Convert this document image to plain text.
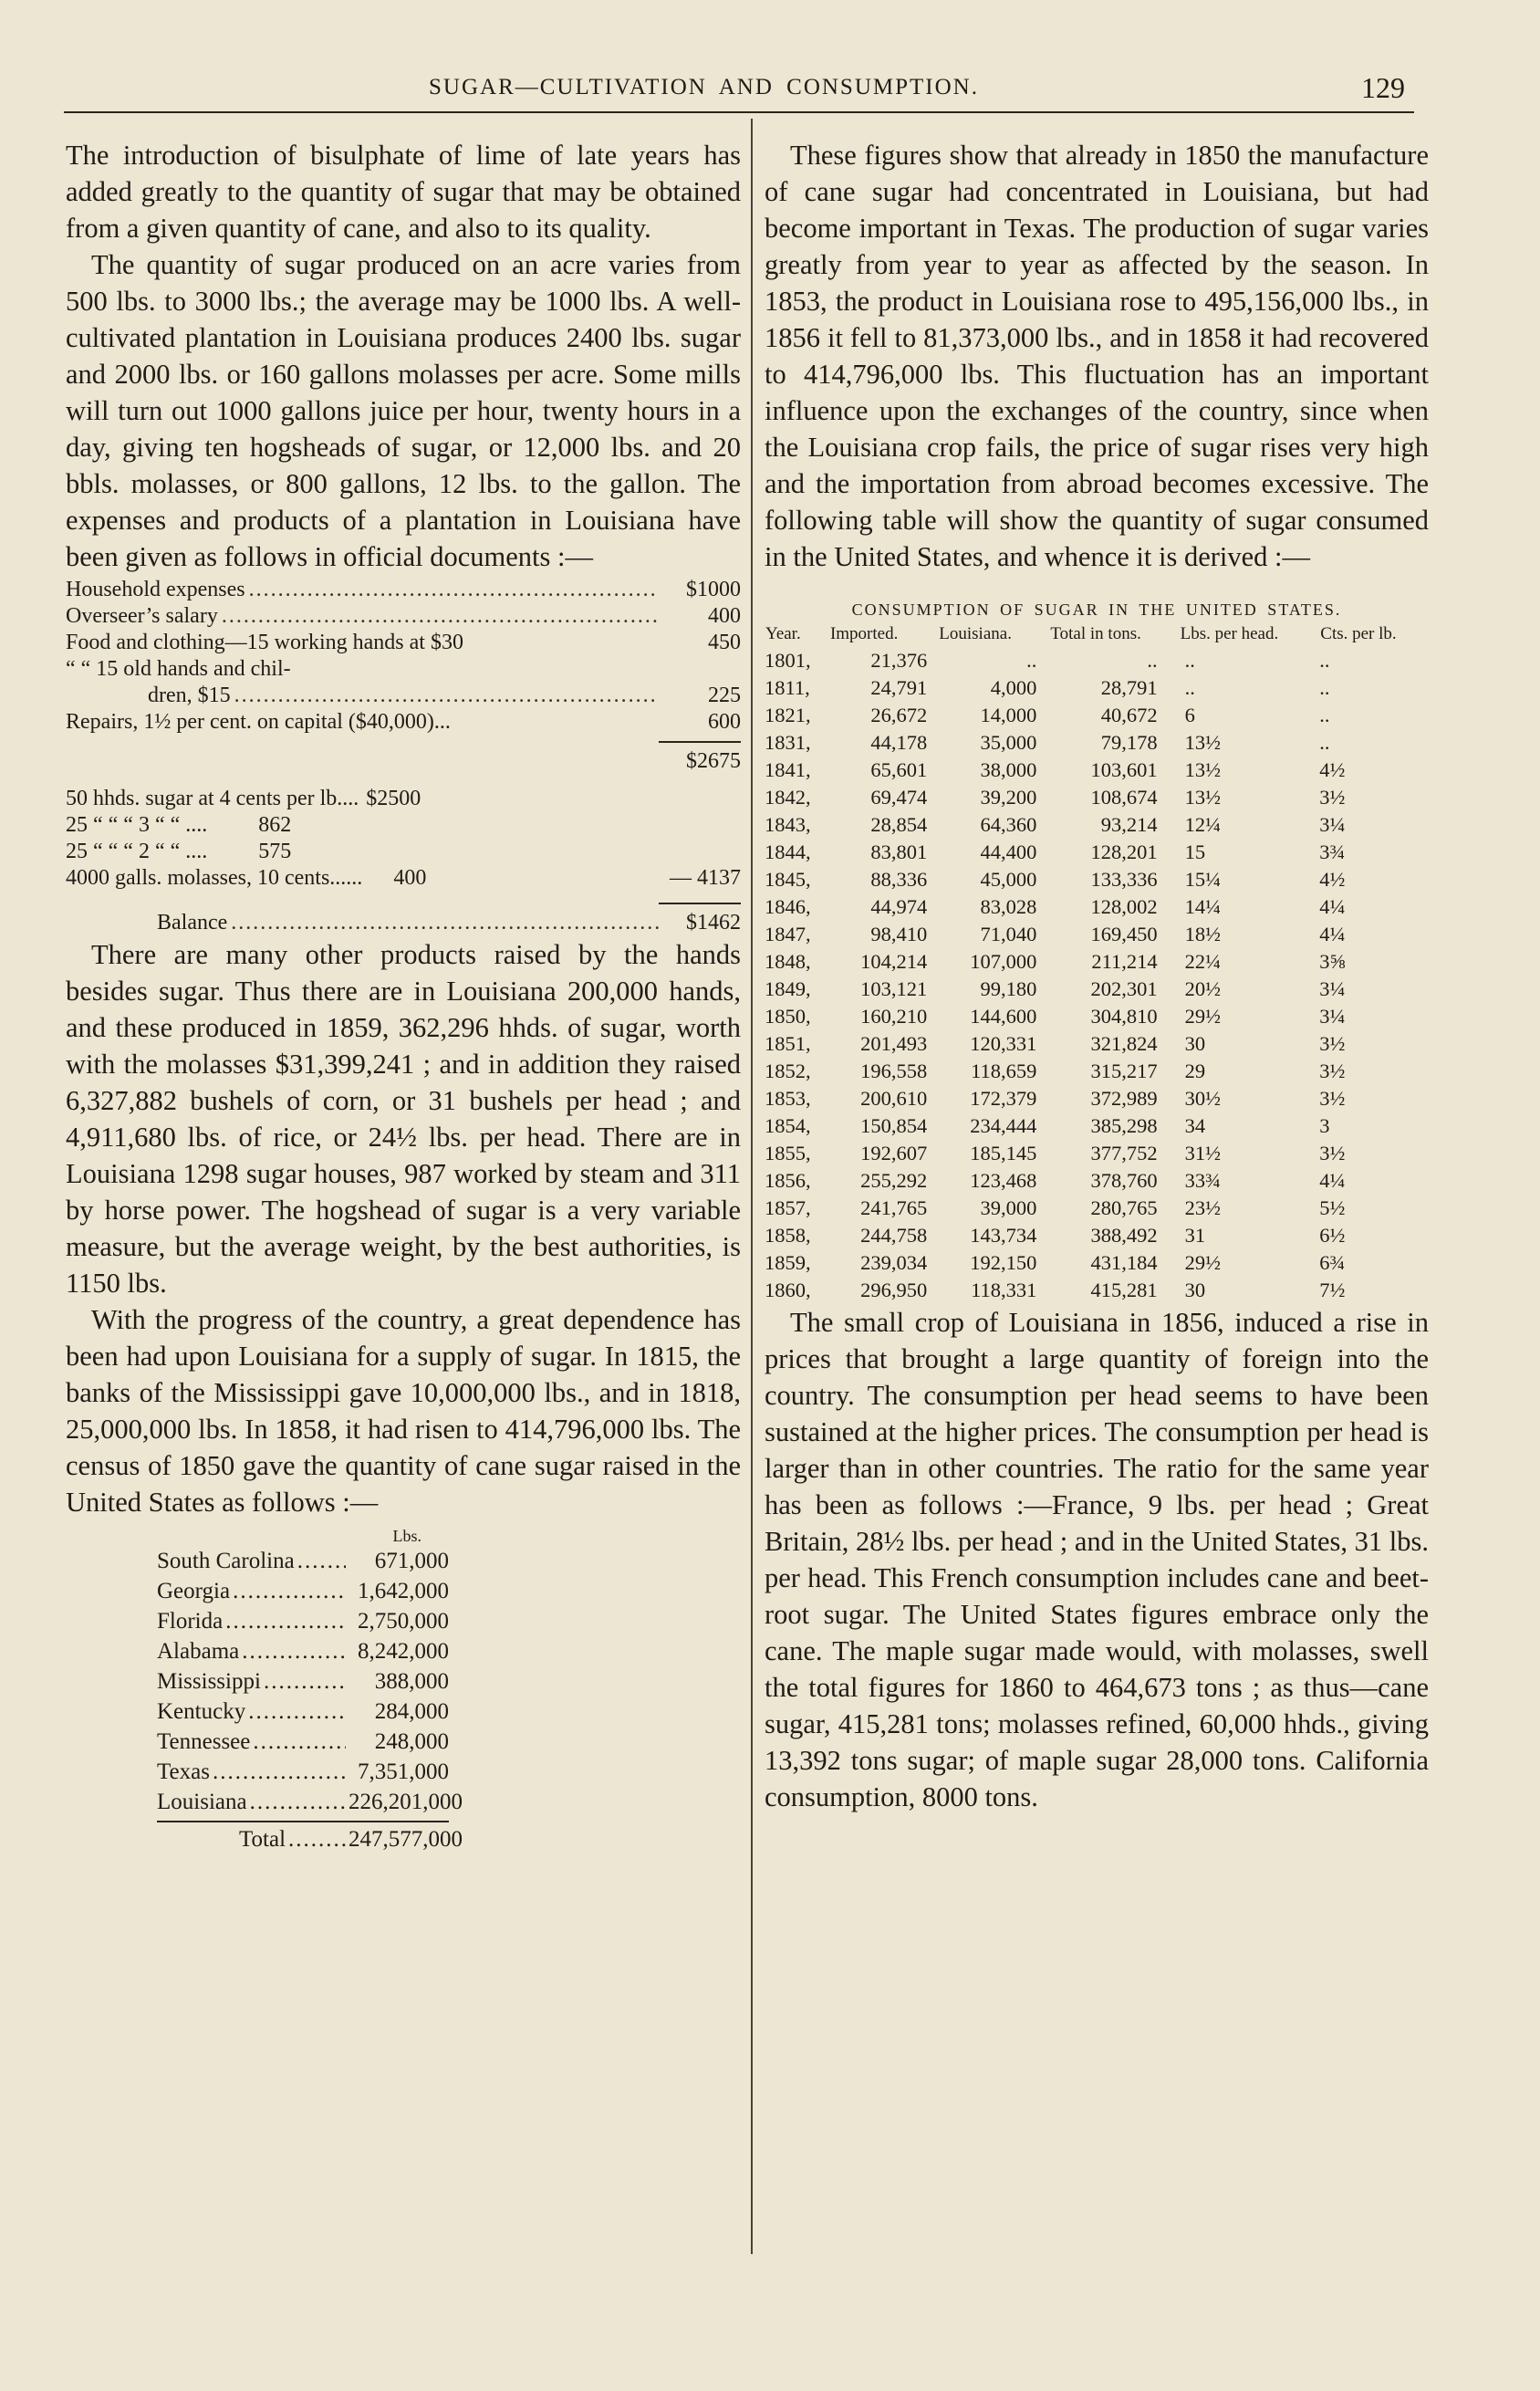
SUGAR—CULTIVATION AND CONSUMPTION.	129

The introduction of bisulphate of lime of late years has added greatly to the quantity of sugar that may be obtained from a given quantity of cane, and also to its quality.

The quantity of sugar produced on an acre varies from 500 lbs. to 3000 lbs.; the average may be 1000 lbs. A well-cultivated plantation in Louisiana produces 2400 lbs. sugar and 2000 lbs. or 160 gallons molasses per acre. Some mills will turn out 1000 gallons juice per hour, twenty hours in a day, giving ten hogsheads of sugar, or 12,000 lbs. and 20 bbls. molasses, or 800 gallons, 12 lbs. to the gallon. The expenses and products of a plantation in Louisiana have been given as follows in official documents :—

Household expenses .....	$1000
Overseer’s salary .....	400
Food and clothing—15 working hands at $30	450
“ “ 15 old hands and chil-
dren, $15 .....	225
Repairs, 1½ per cent. on capital ($40,000)...	600
$2675
50 hhds. sugar at 4 cents per lb.... $2500
25 “ “ “ 3 “ “ .... 862
25 “ “ “ 2 “ “ .... 575
4000 galls. molasses, 10 cents...... 400	— 4137
Balance .....	$1462

There are many other products raised by the hands besides sugar. Thus there are in Louisiana 200,000 hands, and these produced in 1859, 362,296 hhds. of sugar, worth with the molasses $31,399,241 ; and in addition they raised 6,327,882 bushels of corn, or 31 bushels per head ; and 4,911,680 lbs. of rice, or 24½ lbs. per head. There are in Louisiana 1298 sugar houses, 987 worked by steam and 311 by horse power. The hogshead of sugar is a very variable measure, but the average weight, by the best authorities, is 1150 lbs.

With the progress of the country, a great dependence has been had upon Louisiana for a supply of sugar. In 1815, the banks of the Mississippi gave 10,000,000 lbs., and in 1818, 25,000,000 lbs. In 1858, it had risen to 414,796,000 lbs. The census of 1850 gave the quantity of cane sugar raised in the United States as follows :—

Lbs.
South Carolina .....	671,000
Georgia .....	1,642,000
Florida .....	2,750,000
Alabama .....	8,242,000
Mississippi .....	388,000
Kentucky .....	284,000
Tennessee .....	248,000
Texas .....	7,351,000
Louisiana .....	226,201,000
Total .....	247,577,000

These figures show that already in 1850 the manufacture of cane sugar had concentrated in Louisiana, but had become important in Texas. The production of sugar varies greatly from year to year as affected by the season. In 1853, the product in Louisiana rose to 495,156,000 lbs., in 1856 it fell to 81,373,000 lbs., and in 1858 it had recovered to 414,796,000 lbs. This fluctuation has an important influence upon the exchanges of the country, since when the Louisiana crop fails, the price of sugar rises very high and the importation from abroad becomes excessive. The following table will show the quantity of sugar consumed in the United States, and whence it is derived :—

CONSUMPTION OF SUGAR IN THE UNITED STATES.
Year.	Imported.	Louisiana.	Total in tons.	Lbs. per head.	Cts. per lb.
1801,	21,376	..	..	..	..
1811,	24,791	4,000	28,791	..	..
1821,	26,672	14,000	40,672	6	..
1831,	44,178	35,000	79,178	13½	..
1841,	65,601	38,000	103,601	13½	4½
1842,	69,474	39,200	108,674	13½	3½
1843,	28,854	64,360	93,214	12¼	3¼
1844,	83,801	44,400	128,201	15	3¾
1845,	88,336	45,000	133,336	15¼	4½
1846,	44,974	83,028	128,002	14¼	4¼
1847,	98,410	71,040	169,450	18½	4¼
1848,	104,214	107,000	211,214	22¼	3⅝
1849,	103,121	99,180	202,301	20½	3¼
1850,	160,210	144,600	304,810	29½	3¼
1851,	201,493	120,331	321,824	30	3½
1852,	196,558	118,659	315,217	29	3½
1853,	200,610	172,379	372,989	30½	3½
1854,	150,854	234,444	385,298	34	3
1855,	192,607	185,145	377,752	31½	3½
1856,	255,292	123,468	378,760	33¾	4¼
1857,	241,765	39,000	280,765	23½	5½
1858,	244,758	143,734	388,492	31	6½
1859,	239,034	192,150	431,184	29½	6¾
1860,	296,950	118,331	415,281	30	7½

The small crop of Louisiana in 1856, induced a rise in prices that brought a large quantity of foreign into the country. The consumption per head seems to have been sustained at the higher prices. The consumption per head is larger than in other countries. The ratio for the same year has been as follows :—France, 9 lbs. per head ; Great Britain, 28½ lbs. per head ; and in the United States, 31 lbs. per head. This French consumption includes cane and beet-root sugar. The United States figures embrace only the cane. The maple sugar made would, with molasses, swell the total figures for 1860 to 464,673 tons ; as thus—cane sugar, 415,281 tons; molasses refined, 60,000 hhds., giving 13,392 tons sugar; of maple sugar 28,000 tons. California consumption, 8000 tons.
